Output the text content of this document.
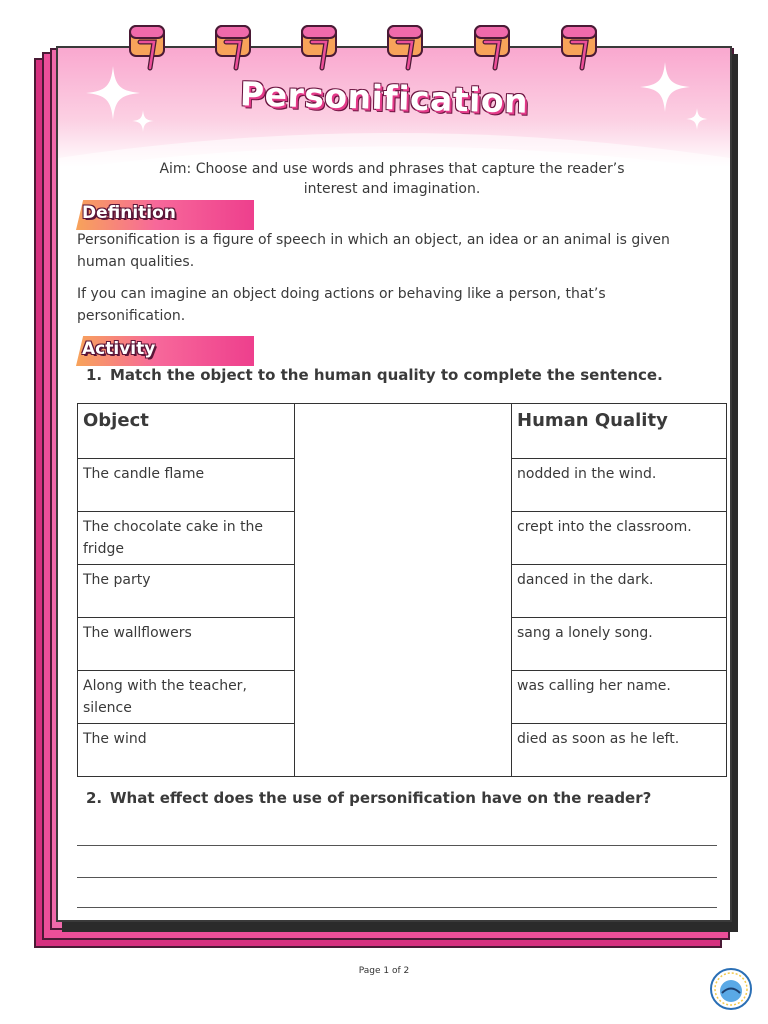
Personification
Aim: Choose and use words and phrases that capture the reader’s interest and imagination.
Definition
Personification is a figure of speech in which an object, an idea or an animal is given human qualities.
If you can imagine an object doing actions or behaving like a person, that’s personification.
Activity
1. Match the object to the human quality to complete the sentence.
Object		Human Quality
The candle flame		nodded in the wind.
The chocolate cake in the fridge		crept into the classroom.
The party		danced in the dark.
The wallflowers		sang a lonely song.
Along with the teacher, silence		was calling her name.
The wind		died as soon as he left.
2. What effect does the use of personification have on the reader?
Page 1 of 2
